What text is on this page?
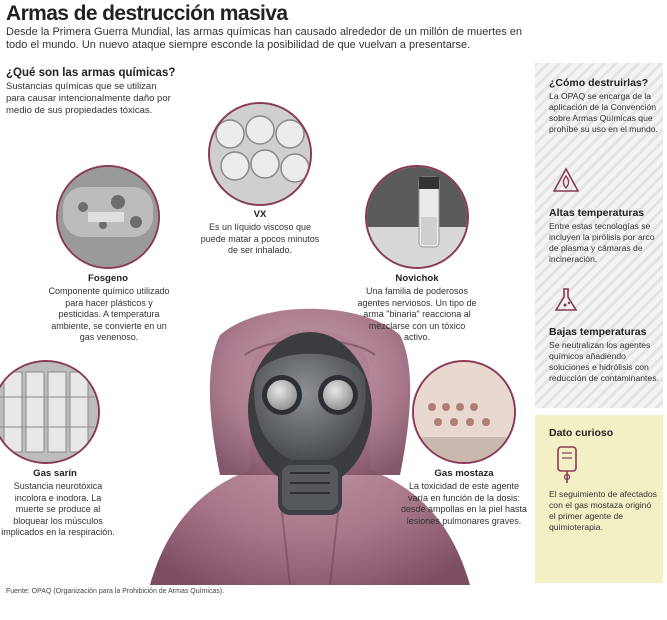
Armas de destrucción masiva
Desde la Primera Guerra Mundial, las armas químicas han causado alrededor de un millón de muertes en todo el mundo. Un nuevo ataque siempre esconde la posibilidad de que vuelvan a presentarse.
¿Qué son las armas químicas?
Sustancias químicas que se utilizan para causar intencionalmente daño por medio de sus propiedades tóxicas.
VX
Es un líquido viscoso que puede matar a pocos minutos de ser inhalado.
Fosgeno
Componente químico utilizado para hacer plásticos y pesticidas. A temperatura ambiente, se convierte en un gas venenoso.
Novichok
Una familia de poderosos agentes nerviosos. Un tipo de arma "binaria" reacciona al mezclarse con un tóxico activo.
Gas sarín
Sustancia neurotóxica incolora e inodora. La muerte se produce al bloquear los músculos implicados en la respiración.
Gas mostaza
La toxicidad de este agente varía en función de la dosis: desde ampollas en la piel hasta lesiones pulmonares graves.
¿Cómo destruirlas?
La OPAQ se encarga de la aplicación de la Convención sobre Armas Químicas que prohíbe su uso en el mundo.
Altas temperaturas
Entre estas tecnologías se incluyen la pirólisis por arco de plasma y cámaras de incineración.
Bajas temperaturas
Se neutralizan los agentes químicos añadiendo soluciones e hidrólisis con reducción de contaminantes.
Dato curioso
El seguimiento de afectados con el gas mostaza originó el primer agente de quimioterapia.
Fuente: OPAQ (Organización para la Prohibición de Armas Químicas).
